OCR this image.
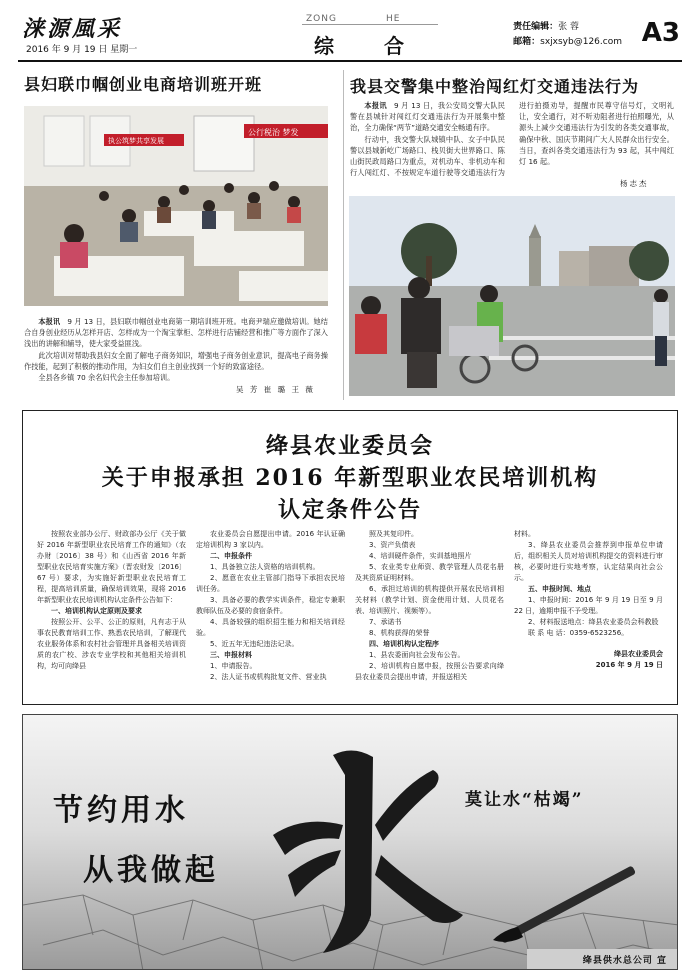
涞源風采
2016 年 9 月 19 日 星期一
ZONG	HE
综	合
责任编辑：张 蓉
邮箱：sxjxsyb@126.com A3
县妇联巾帼创业电商培训班开班
执公筑梦共享发展
公行税治 梦发

本报讯  9 月 13 日，县妇联巾帼创业电商第一期培训班开班。电商尹瑞应邀做培训。她结合自身创业经历从怎样开店、怎样成为一个淘宝掌柜、怎样进行店铺经营和推广等方面作了深入浅出的讲解和辅导，使大家受益匪浅。

此次培训对帮助我县妇女全面了解电子商务知识，增强电子商务创业意识，提高电子商务操作技能，起到了积极的推动作用，为妇女们自主创业找到一个好的致富途径。

全县各乡镇 70 余名妇代会主任参加培训。

吴 芳 崔 璐 王 薇
我县交警集中整治闯红灯交通违法行为

本报讯  9 月 13 日，我公安局交警大队民警在县城针对闯红灯交通违法行为开展集中整治，全力确保“两节”道路交通安全畅通有序。

行动中，我交警大队城镇中队、女子中队民警以县城新屹广场路口、栈贝街大世界路口、陈山街民政局路口为重点，对机动车、非机动车和行人闯红灯、不按规定车道行驶等交通违法行为进行拍摄劝导，提醒市民尊守信号灯，文明礼让，安全通行，对不听劝阻者进行拍照曝光，从源头上减少交通违法行为引发的各类交通事故，确保中秋、国庆节期间广大人民群众出行安全。当日，查纠各类交通违法行为 93 起，其中闯红灯 16 起。

杨志杰
绛县农业委员会
关于申报承担 2016 年新型职业农民培训机构
认定条件公告

按照农业部办公厅、财政部办公厅《关于做好 2016 年新型职业农民培育工作的通知》（农办财〔2016〕38 号）和《山西省 2016 年新型职业农民培育实施方案》（晋农财发〔2016〕67 号）要求，为实施好新型职业农民培育工程，提高培训质量，确保培训效果，现将 2016 年新型职业农民培训机构认定条件公告如下：

一、培训机构认定原则及要求

按照公开、公平、公正的原则，凡有志于从事农民教育培训工作、熟悉农民培训，了解现代农业服务体系和农村社会管理并具备相关培训资质的农广校、涉农专业学校和其他相关培训机构，均可向绛县

农业委员会自愿提出申请。2016 年认证确定培训机构 3 家以内。

二、申报条件

1、具备独立法人资格的培训机构。

2、愿意在农业主管部门指导下承担农民培训任务。

3、具备必要的教学实训条件，稳定专兼职教师队伍及必要的食宿条件。

4、具备较强的组织招生能力和相关培训经验。

5、近五年无违纪违法记录。

三、申报材料

1、申请报告。

2、法人证书或机构批复文件、营业执

照及其复印件。

3、资产负债表

4、培训硬件条件，实训基地照片

5、农业类专业师资、教学管理人员花名册及其资质证明材料。

6、承担过培训的机构提供开展农民培训相关材料（教学计划、资金使用计划、人员花名表、培训照片、视频等）。

7、承诺书

8、机构获得的荣誉

四、培训机构认定程序

1、县农委面向社会发布公告。

2、培训机构自愿申报，按照公告要求向绛县农业委员会提出申请，并报送相关

材料。

3、绛县农业委员会推荐到申报单位申请后，组织相关人员对培训机构提交的资料进行审核，必要时进行实地考察，认定结果向社会公示。

五、申报时间、地点

1、申报时间：2016 年 9 月 19 日至 9 月 22 日，逾期申报不予受理。

2、材料报送地点：绛县农业委员会科教股

联 系 电 话：0359-6523256。

绛县农业委员会
2016 年 9 月 19 日
节约用水
从我做起
莫让水“枯竭”
绛县供水总公司 宣
